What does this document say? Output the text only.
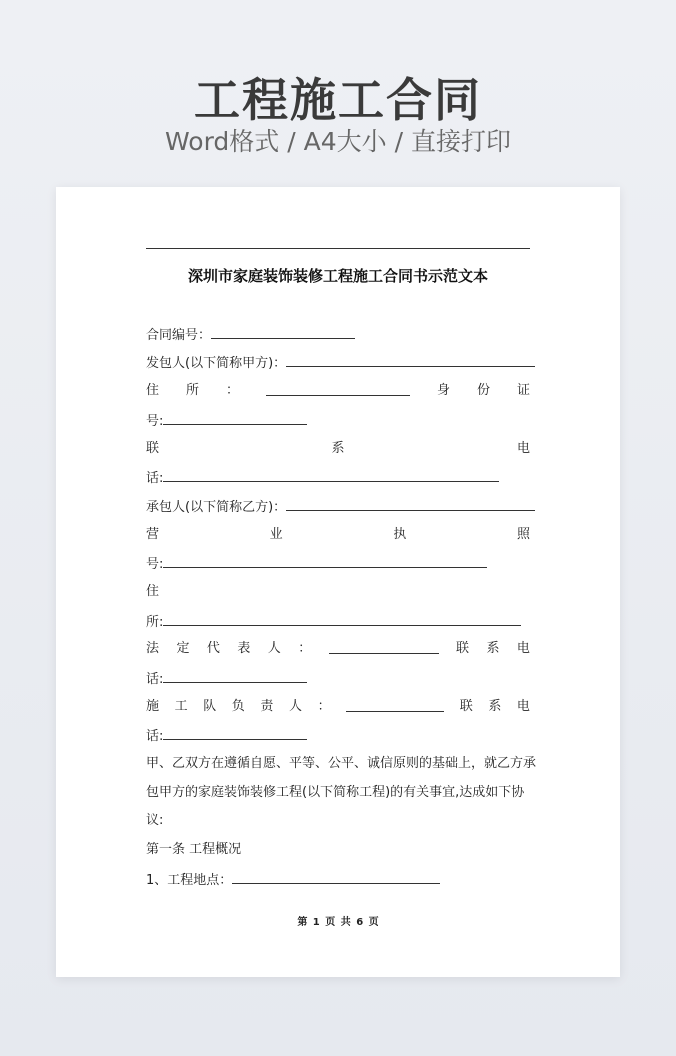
工程施工合同
Word格式 / A4大小 / 直接打印
深圳市家庭装饰装修工程施工合同书示范文本
合同编号：
发包人(以下简称甲方)：
住 所 ：	身 份 证
号:
联	系	电
话:
承包人(以下简称乙方)：
营	业	执	照
号:
住
所:
法 定 代 表 人 ：	联 系 电
话:
施 工 队 负 责 人 ：	联 系 电
话:
甲、乙双方在遵循自愿、平等、公平、诚信原则的基础上，就乙方承
包甲方的家庭装饰装修工程(以下简称工程)的有关事宜,达成如下协
议:
第一条 工程概况
1、工程地点：
第 1 页 共 6 页
